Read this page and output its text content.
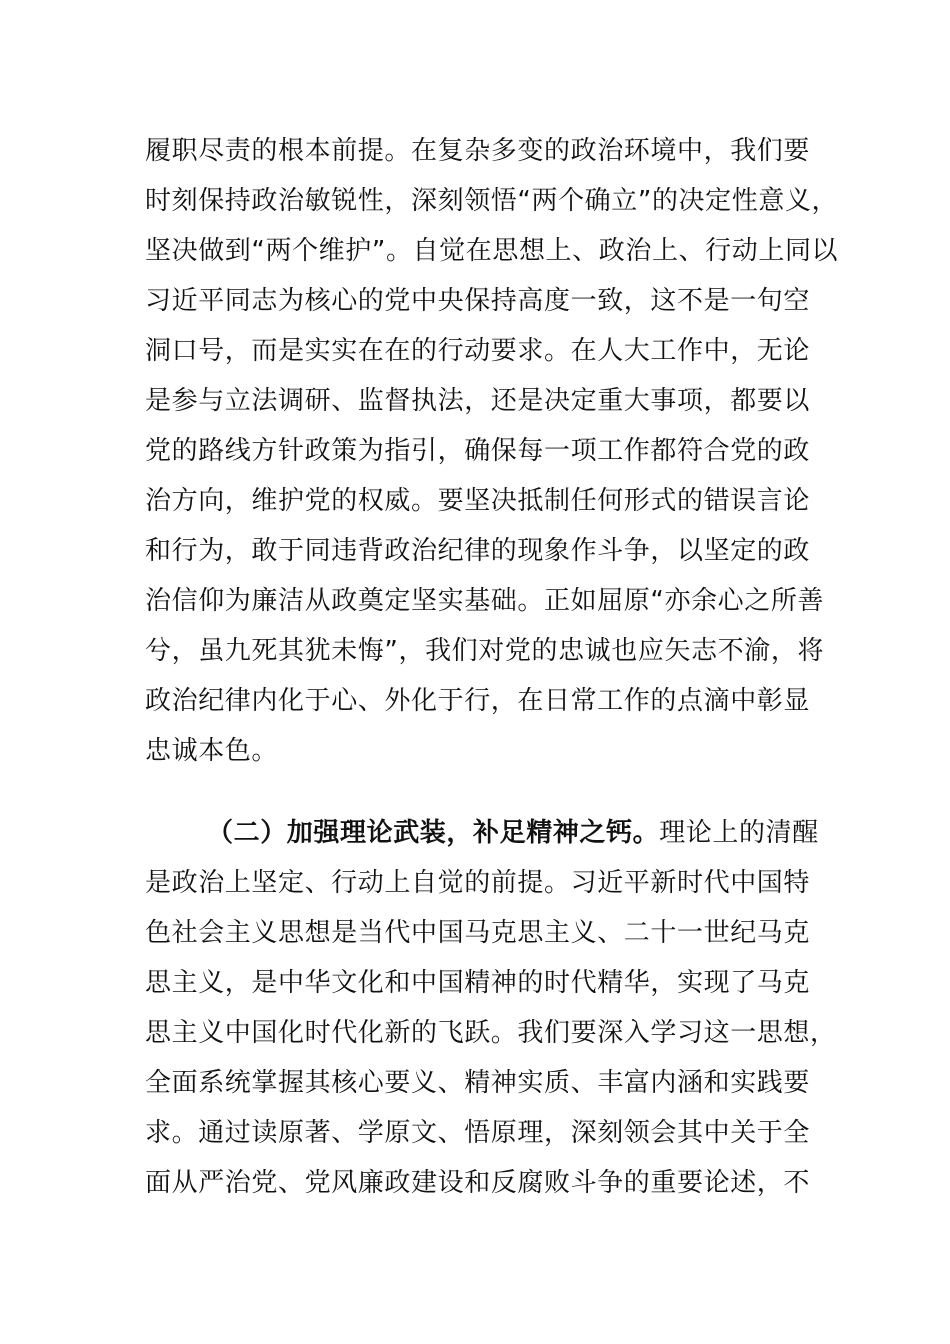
履职尽责的根本前提。在复杂多变的政治环境中，我们要
时刻保持政治敏锐性，深刻领悟“两个确立”的决定性意义，
坚决做到“两个维护”。自觉在思想上、政治上、行动上同以
习近平同志为核心的党中央保持高度一致，这不是一句空
洞口号，而是实实在在的行动要求。在人大工作中，无论
是参与立法调研、监督执法，还是决定重大事项，都要以
党的路线方针政策为指引，确保每一项工作都符合党的政
治方向，维护党的权威。要坚决抵制任何形式的错误言论
和行为，敢于同违背政治纪律的现象作斗争，以坚定的政
治信仰为廉洁从政奠定坚实基础。正如屈原“亦余心之所善
兮，虽九死其犹未悔”，我们对党的忠诚也应矢志不渝，将
政治纪律内化于心、外化于行，在日常工作的点滴中彰显
忠诚本色。
（二）加强理论武装，补足精神之钙。理论上的清醒
是政治上坚定、行动上自觉的前提。习近平新时代中国特
色社会主义思想是当代中国马克思主义、二十一世纪马克
思主义，是中华文化和中国精神的时代精华，实现了马克
思主义中国化时代化新的飞跃。我们要深入学习这一思想，
全面系统掌握其核心要义、精神实质、丰富内涵和实践要
求。通过读原著、学原文、悟原理，深刻领会其中关于全
面从严治党、党风廉政建设和反腐败斗争的重要论述，不
